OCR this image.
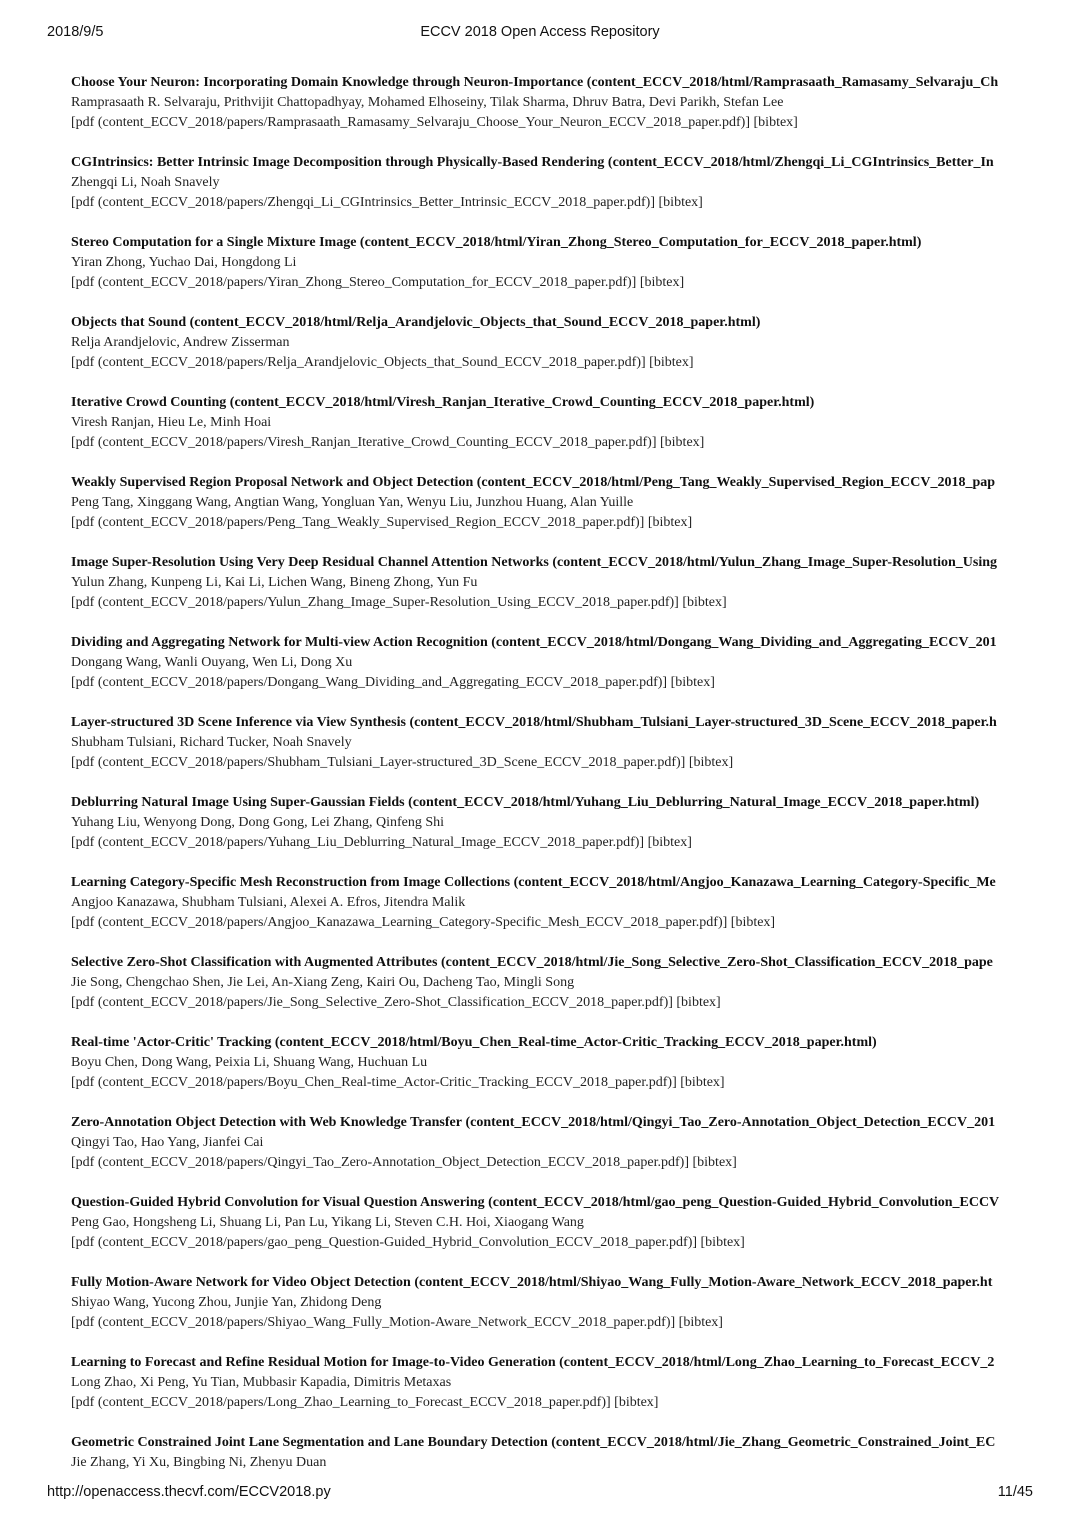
2018/9/5	ECCV 2018 Open Access Repository
Choose Your Neuron: Incorporating Domain Knowledge through Neuron-Importance (content_ECCV_2018/html/Ramprasaath_Ramasamy_Selvaraju_Ch
Ramprasaath R. Selvaraju, Prithvijit Chattopadhyay, Mohamed Elhoseiny, Tilak Sharma, Dhruv Batra, Devi Parikh, Stefan Lee
[pdf (content_ECCV_2018/papers/Ramprasaath_Ramasamy_Selvaraju_Choose_Your_Neuron_ECCV_2018_paper.pdf)] [bibtex]
CGIntrinsics: Better Intrinsic Image Decomposition through Physically-Based Rendering (content_ECCV_2018/html/Zhengqi_Li_CGIntrinsics_Better_In
Zhengqi Li, Noah Snavely
[pdf (content_ECCV_2018/papers/Zhengqi_Li_CGIntrinsics_Better_Intrinsic_ECCV_2018_paper.pdf)] [bibtex]
Stereo Computation for a Single Mixture Image (content_ECCV_2018/html/Yiran_Zhong_Stereo_Computation_for_ECCV_2018_paper.html)
Yiran Zhong, Yuchao Dai, Hongdong Li
[pdf (content_ECCV_2018/papers/Yiran_Zhong_Stereo_Computation_for_ECCV_2018_paper.pdf)] [bibtex]
Objects that Sound (content_ECCV_2018/html/Relja_Arandjelovic_Objects_that_Sound_ECCV_2018_paper.html)
Relja Arandjelovic, Andrew Zisserman
[pdf (content_ECCV_2018/papers/Relja_Arandjelovic_Objects_that_Sound_ECCV_2018_paper.pdf)] [bibtex]
Iterative Crowd Counting (content_ECCV_2018/html/Viresh_Ranjan_Iterative_Crowd_Counting_ECCV_2018_paper.html)
Viresh Ranjan, Hieu Le, Minh Hoai
[pdf (content_ECCV_2018/papers/Viresh_Ranjan_Iterative_Crowd_Counting_ECCV_2018_paper.pdf)] [bibtex]
Weakly Supervised Region Proposal Network and Object Detection (content_ECCV_2018/html/Peng_Tang_Weakly_Supervised_Region_ECCV_2018_pap
Peng Tang, Xinggang Wang, Angtian Wang, Yongluan Yan, Wenyu Liu, Junzhou Huang, Alan Yuille
[pdf (content_ECCV_2018/papers/Peng_Tang_Weakly_Supervised_Region_ECCV_2018_paper.pdf)] [bibtex]
Image Super-Resolution Using Very Deep Residual Channel Attention Networks (content_ECCV_2018/html/Yulun_Zhang_Image_Super-Resolution_Using
Yulun Zhang, Kunpeng Li, Kai Li, Lichen Wang, Bineng Zhong, Yun Fu
[pdf (content_ECCV_2018/papers/Yulun_Zhang_Image_Super-Resolution_Using_ECCV_2018_paper.pdf)] [bibtex]
Dividing and Aggregating Network for Multi-view Action Recognition (content_ECCV_2018/html/Dongang_Wang_Dividing_and_Aggregating_ECCV_201
Dongang Wang, Wanli Ouyang, Wen Li, Dong Xu
[pdf (content_ECCV_2018/papers/Dongang_Wang_Dividing_and_Aggregating_ECCV_2018_paper.pdf)] [bibtex]
Layer-structured 3D Scene Inference via View Synthesis (content_ECCV_2018/html/Shubham_Tulsiani_Layer-structured_3D_Scene_ECCV_2018_paper.h
Shubham Tulsiani, Richard Tucker, Noah Snavely
[pdf (content_ECCV_2018/papers/Shubham_Tulsiani_Layer-structured_3D_Scene_ECCV_2018_paper.pdf)] [bibtex]
Deblurring Natural Image Using Super-Gaussian Fields (content_ECCV_2018/html/Yuhang_Liu_Deblurring_Natural_Image_ECCV_2018_paper.html)
Yuhang Liu, Wenyong Dong, Dong Gong, Lei Zhang, Qinfeng Shi
[pdf (content_ECCV_2018/papers/Yuhang_Liu_Deblurring_Natural_Image_ECCV_2018_paper.pdf)] [bibtex]
Learning Category-Specific Mesh Reconstruction from Image Collections (content_ECCV_2018/html/Angjoo_Kanazawa_Learning_Category-Specific_Me
Angjoo Kanazawa, Shubham Tulsiani, Alexei A. Efros, Jitendra Malik
[pdf (content_ECCV_2018/papers/Angjoo_Kanazawa_Learning_Category-Specific_Mesh_ECCV_2018_paper.pdf)] [bibtex]
Selective Zero-Shot Classification with Augmented Attributes (content_ECCV_2018/html/Jie_Song_Selective_Zero-Shot_Classification_ECCV_2018_pape
Jie Song, Chengchao Shen, Jie Lei, An-Xiang Zeng, Kairi Ou, Dacheng Tao, Mingli Song
[pdf (content_ECCV_2018/papers/Jie_Song_Selective_Zero-Shot_Classification_ECCV_2018_paper.pdf)] [bibtex]
Real-time 'Actor-Critic' Tracking (content_ECCV_2018/html/Boyu_Chen_Real-time_Actor-Critic_Tracking_ECCV_2018_paper.html)
Boyu Chen, Dong Wang, Peixia Li, Shuang Wang, Huchuan Lu
[pdf (content_ECCV_2018/papers/Boyu_Chen_Real-time_Actor-Critic_Tracking_ECCV_2018_paper.pdf)] [bibtex]
Zero-Annotation Object Detection with Web Knowledge Transfer (content_ECCV_2018/html/Qingyi_Tao_Zero-Annotation_Object_Detection_ECCV_201
Qingyi Tao, Hao Yang, Jianfei Cai
[pdf (content_ECCV_2018/papers/Qingyi_Tao_Zero-Annotation_Object_Detection_ECCV_2018_paper.pdf)] [bibtex]
Question-Guided Hybrid Convolution for Visual Question Answering (content_ECCV_2018/html/gao_peng_Question-Guided_Hybrid_Convolution_ECCV
Peng Gao, Hongsheng Li, Shuang Li, Pan Lu, Yikang Li, Steven C.H. Hoi, Xiaogang Wang
[pdf (content_ECCV_2018/papers/gao_peng_Question-Guided_Hybrid_Convolution_ECCV_2018_paper.pdf)] [bibtex]
Fully Motion-Aware Network for Video Object Detection (content_ECCV_2018/html/Shiyao_Wang_Fully_Motion-Aware_Network_ECCV_2018_paper.ht
Shiyao Wang, Yucong Zhou, Junjie Yan, Zhidong Deng
[pdf (content_ECCV_2018/papers/Shiyao_Wang_Fully_Motion-Aware_Network_ECCV_2018_paper.pdf)] [bibtex]
Learning to Forecast and Refine Residual Motion for Image-to-Video Generation (content_ECCV_2018/html/Long_Zhao_Learning_to_Forecast_ECCV_2
Long Zhao, Xi Peng, Yu Tian, Mubbasir Kapadia, Dimitris Metaxas
[pdf (content_ECCV_2018/papers/Long_Zhao_Learning_to_Forecast_ECCV_2018_paper.pdf)] [bibtex]
Geometric Constrained Joint Lane Segmentation and Lane Boundary Detection (content_ECCV_2018/html/Jie_Zhang_Geometric_Constrained_Joint_EC
Jie Zhang, Yi Xu, Bingbing Ni, Zhenyu Duan
http://openaccess.thecvf.com/ECCV2018.py	11/45
